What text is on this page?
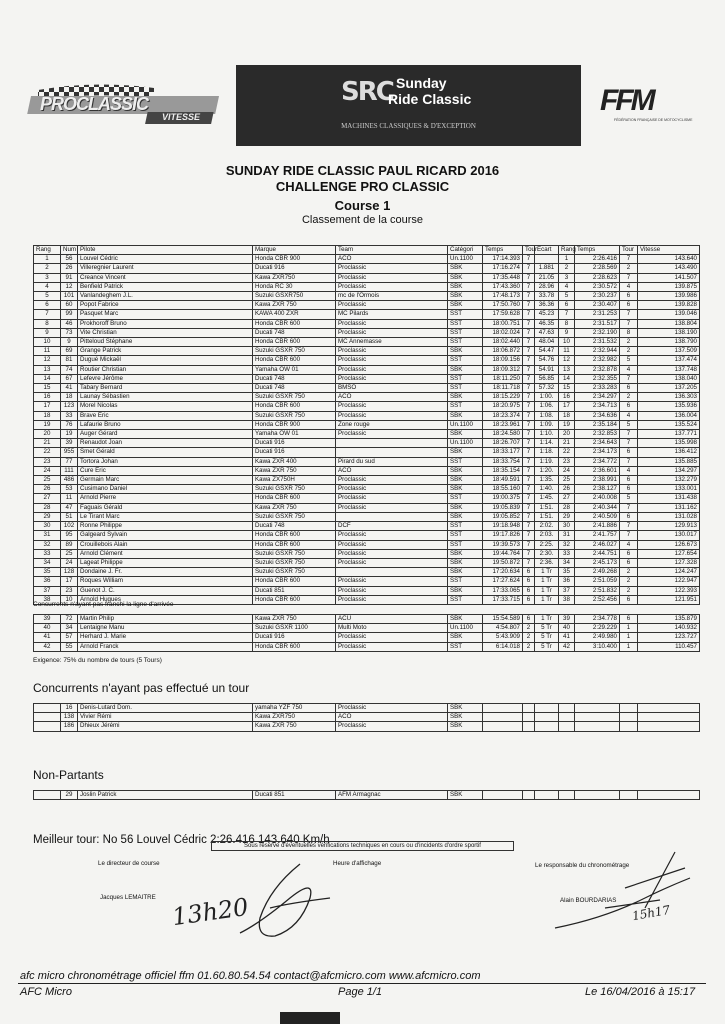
PROCLASSIC
VITESSE
SRC Sunday
Ride Classic
MACHINES CLASSIQUES & D'EXCEPTION
FFM
FÉDÉRATION FRANÇAISE DE MOTOCYCLISME
SUNDAY RIDE CLASSIC PAUL RICARD 2016
CHALLENGE PRO CLASSIC
Course 1
Classement de la course
Rang	Num	Pilote	Marque	Team	Catégori	Temps	Tour	Ecart	Rang	Temps	Tour	Vitesse
1	56	Louvel Cédric	Honda CBR 900	ACO	Un.1100	17:14.393	7		1	2:26.416	7	143.640
2	26	Villeregnier Laurent	Ducati 916	Proclassic	SBK	17:16.274	7	1.881	2	2:28.569	2	143.490
3	91	Creance Vincent	Kawa ZXR750	Proclassic	SBK	17:35.448	7	21.05	3	2:28.623	7	141.507
4	12	Benfield Patrick	Honda RC 30	Proclassic	SBK	17:43.360	7	28.96	4	2:30.572	4	139.875
5	101	Vanlandeghem J.L.	Suzuki GSXR750	mc de l'Ormois	SBK	17:48.173	7	33.78	5	2:30.237	6	139.986
6	60	Popot Fabrice	Kawa ZXR 750	Proclassic	SBK	17:50.760	7	36.36	6	2:30.407	6	139.828
7	99	Pasquet Marc	KAWA 400 ZXR	MC Pilards	SST	17:59.628	7	45.23	7	2:31.253	7	139.046
8	46	Prokhoroff Bruno	Honda CBR 600	Proclassic	SST	18:00.751	7	46.35	8	2:31.517	7	138.804
9	73	Vite Christian	Ducati 748	Proclassic	SST	18:02.024	7	47.63	9	2:32.190	8	138.190
10	9	Pitteloud Stéphane	Honda CBR 600	MC Annemasse	SST	18:02.440	7	48.04	10	2:31.532	2	138.790
11	69	Grange Patrick	Suzuki GSXR 750	Proclassic	SBK	18:06.872	7	54.47	11	2:32.944	2	137.509
12	81	Dugué Mickaël	Honda CBR 600	Proclassic	SST	18:09.156	7	54.76	12	2:32.982	5	137.474
13	74	Routier Christian	Yamaha OW 01	Proclassic	SBK	18:09.312	7	54.91	13	2:32.878	4	137.748
14	67	Lefevre Jérôme	Ducati 748	Proclassic	SST	18:11.250	7	56.85	14	2:32.355	7	138.040
15	41	Tabary Bernard	Ducati 748	BMSO	SST	18:11.718	7	57.32	15	2:33.283	6	137.205
16	18	Launay Sébastien	Suzuki GSXR 750	ACO	SBK	18:15.229	7	1:00.	16	2:34.297	2	136.303
17	123	Morel Nicolas	Honda CBR 600	Proclassic	SST	18:20.975	7	1:06.	17	2:34.713	6	135.936
18	33	Brave Eric	Suzuki GSXR 750	Proclassic	SBK	18:23.374	7	1:08.	18	2:34.636	4	136.004
19	76	Lafaurie Bruno	Honda CBR 900	Zone rouge	Un.1100	18:23.961	7	1:09.	19	2:35.184	5	135.524
20	19	Auger Gérard	Yamaha OW 01	Proclassic	SBK	18:24.580	7	1:10.	20	2:32.853	7	137.771
21	39	Renaudot Joan	Ducati 916		Un.1100	18:26.707	7	1:14.	21	2:34.643	7	135.998
22	955	Smet Gérald	Ducati 916		SBK	18:33.177	7	1:18.	22	2:34.173	6	136.412
23	77	Tortora Johan	Kawa ZXR 400	Pirard du sud	SST	18:33.754	7	1:19.	23	2:34.772	7	135.885
24	111	Cure Eric	Kawa ZXR 750	ACO	SBK	18:35.154	7	1:20.	24	2:36.601	4	134.297
25	486	Germain Marc	Kawa ZX750H	Proclassic	SBK	18:49.591	7	1:35.	25	2:38.991	6	132.279
26	53	Cusimano Daniel	Suzuki GSXR 750	Proclassic	SBK	18:55.160	7	1:40.	26	2:38.127	6	133.001
27	11	Arnold Pierre	Honda CBR 600	Proclassic	SST	19:00.375	7	1:45.	27	2:40.008	5	131.438
28	47	Faguais Gérald	Kawa ZXR 750	Proclassic	SBK	19:05.839	7	1:51.	28	2:40.344	7	131.162
29	51	Le Tirant Marc	Suzuki GSXR 750		SBK	19:05.852	7	1:51.	29	2:40.509	6	131.028
30	102	Ronne Philippe	Ducati 748	DCF	SST	19:18.948	7	2:02.	30	2:41.886	7	129.913
31	95	Galgeard Sylvain	Honda CBR 600	Proclassic	SST	19:17.826	7	2:03.	31	2:41.757	7	130.017
32	89	Crouillebois Alain	Honda CBR 600	Proclassic	SST	19:39.573	7	2:25.	32	2:46.027	4	126.673
33	25	Arnold Clément	Suzuki GSXR 750	Proclassic	SBK	19:44.764	7	2:30.	33	2:44.751	6	127.654
34	24	Lageat Philippe	Suzuki GSXR 750	Proclassic	SBK	19:50.872	7	2:36.	34	2:45.173	6	127.328
35	128	Dondaine J. Fr.	Suzuki GSXR 750		SBK	17:20.634	6	1 Tr	35	2:49.268	2	124.247
36	17	Roques William	Honda CBR 600	Proclassic	SST	17:27.624	6	1 Tr	36	2:51.059	2	122.947
37	23	Guenot J. C.	Ducati 851	Proclassic	SBK	17:33.065	6	1 Tr	37	2:51.832	2	122.393
38	10	Arnold Hugues	Honda CBR 600	Proclassic	SST	17:33.715	6	1 Tr	38	2:52.456	6	121.951
Concurrents n'ayant pas franchi la ligne d'arrivée
39	72	Martin Philip	Kawa ZXR 750	ACU	SBK	15:54.589	6	1 Tr	39	2:34.778	6	135.879
40	34	Lentaigne Manu	Suzuki GSXR 1100	Multi Moto	Un.1100	4:54.807	2	5 Tr	40	2:29.229	1	140.932
41	57	Herhard J. Marie	Ducati 916	Proclassic	SBK	5:43.909	2	5 Tr	41	2:49.980	1	123.727
42	55	Arnold Franck	Honda CBR 600	Proclassic	SST	6:14.018	2	5 Tr	42	3:10.400	1	110.457
Exigence: 75% du nombre de tours (5 Tours)
Concurrents n'ayant pas effectué un tour
	16	Denis-Lutard Dom.	yamaha YZF 750	Proclassic	SBK							
	138	Vivier Rémi	Kawa ZXR750	ACO	SBK							
	186	Dhieux Jérémi	Kawa ZXR 750	Proclassic	SBK							
Non-Partants
	29	Joslin Patrick	Ducati 851	AFM Armagnac	SBK							
Meilleur tour: No 56 Louvel Cédric 2:26.416 143.640 Km/h
Sous réserve d'éventuelles vérifications techniques en cours ou d'incidents d'ordre sportif
Le directeur de course
Jacques LEMAITRE
Heure d'affichage	Le responsable du chronométrage
Alain BOURDARIAS
13h20	15h17
afc micro chronométrage officiel ffm 01.60.80.54.54 contact@afcmicro.com www.afcmicro.com
AFC Micro	Page 1/1	Le 16/04/2016 à 15:17
